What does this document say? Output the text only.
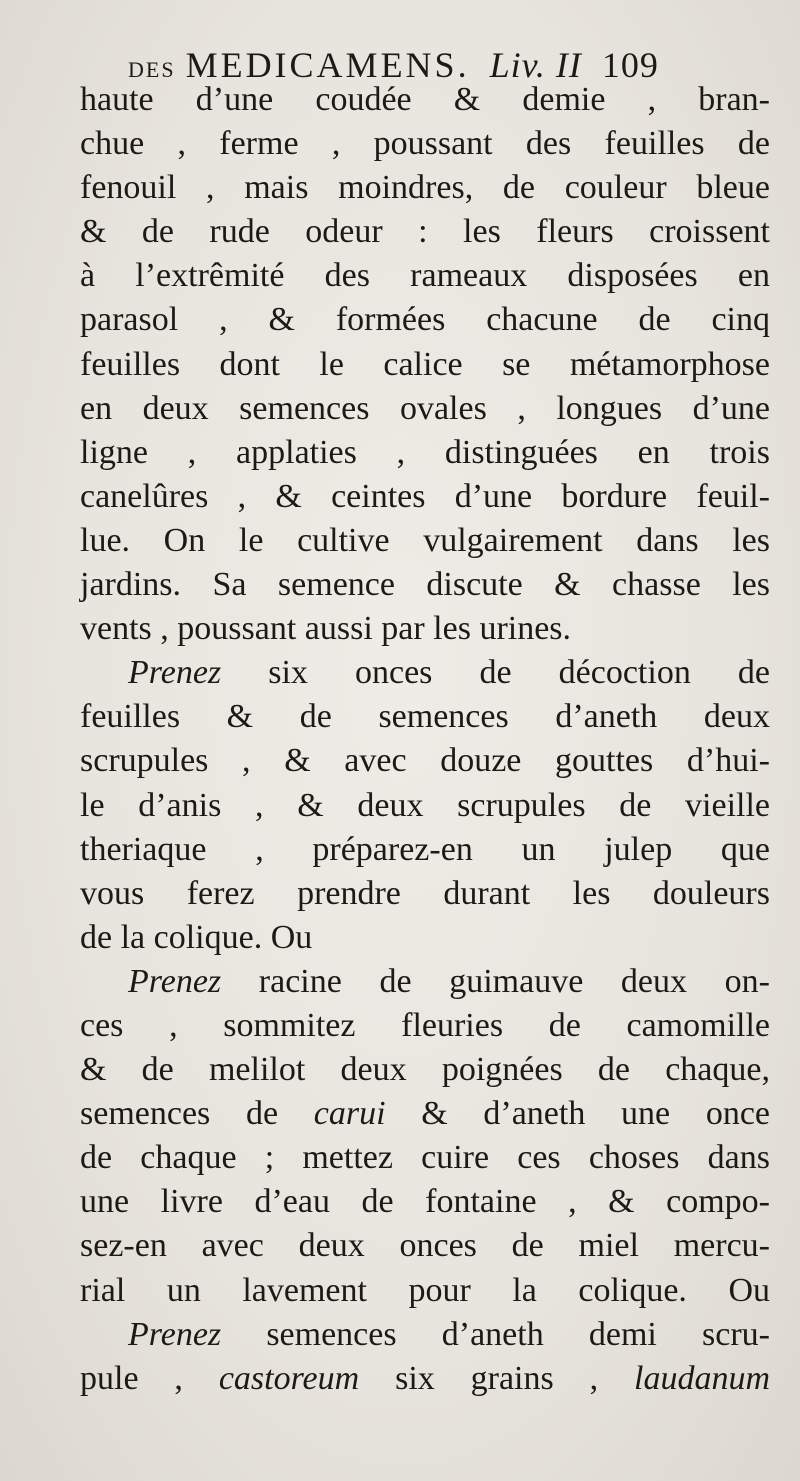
DES MEDICAMENS. Liv. II 109
haute d’une coudée & demie , bran-
chue , ferme , poussant des feuilles de
fenouil , mais moindres, de couleur bleue
& de rude odeur : les fleurs croissent
à l’extrêmité des rameaux disposées en
parasol , & formées chacune de cinq
feuilles dont le calice se métamorphose
en deux semences ovales , longues d’une
ligne , applaties , distinguées en trois
canelûres , & ceintes d’une bordure feuil-
lue. On le cultive vulgairement dans les
jardins. Sa semence discute & chasse les
vents , poussant aussi par les urines.
Prenez six onces de décoction de
feuilles & de semences d’aneth deux
scrupules , & avec douze gouttes d’hui-
le d’anis , & deux scrupules de vieille
theriaque , préparez-en un julep que
vous ferez prendre durant les douleurs
de la colique. Ou
Prenez racine de guimauve deux on-
ces , sommitez fleuries de camomille
& de melilot deux poignées de chaque,
semences de carui & d’aneth une once
de chaque ; mettez cuire ces choses dans
une livre d’eau de fontaine , & compo-
sez-en avec deux onces de miel mercu-
rial un lavement pour la colique. Ou
Prenez semences d’aneth demi scru-
pule , castoreum six grains , laudanum
